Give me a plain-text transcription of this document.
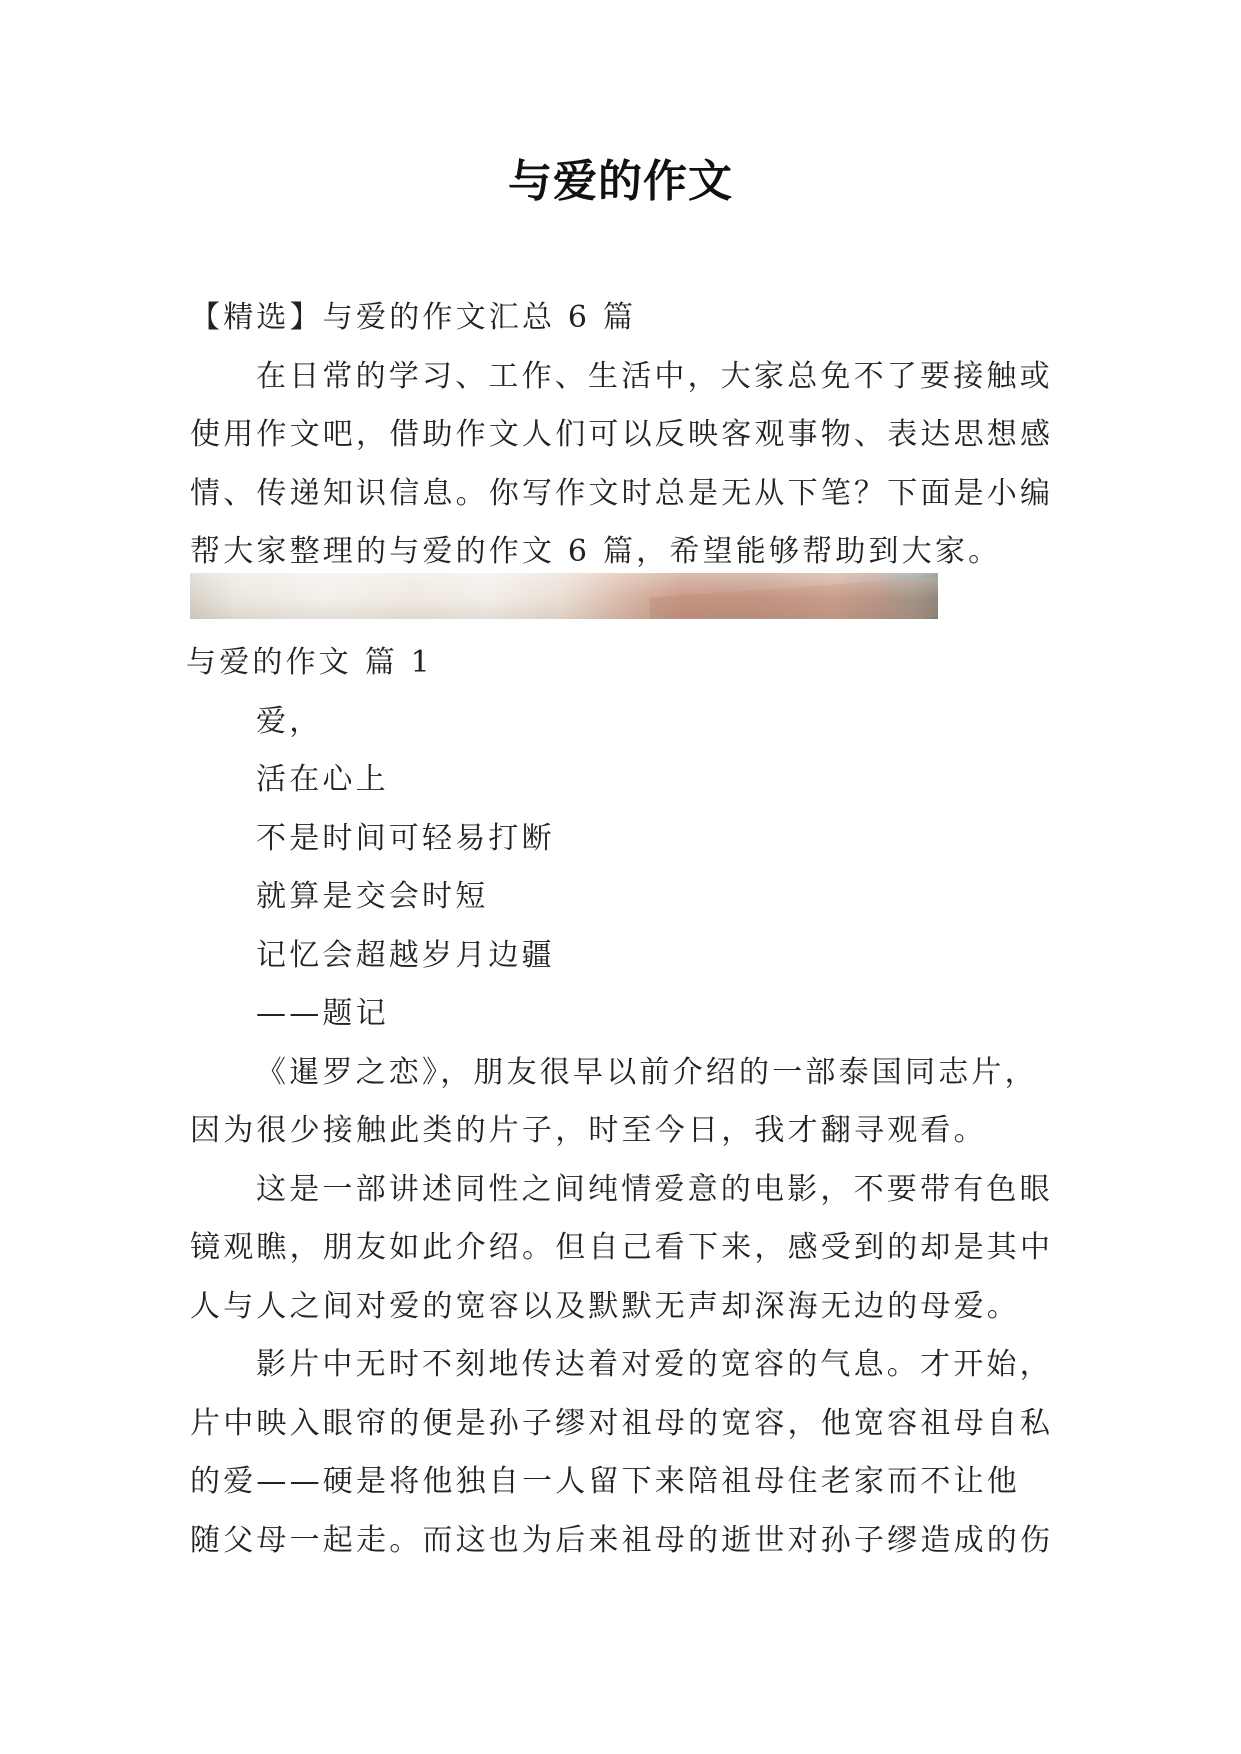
与爱的作文
【精选】与爱的作文汇总 6 篇
在日常的学习、工作、生活中，大家总免不了要接触或
使用作文吧，借助作文人们可以反映客观事物、表达思想感
情、传递知识信息。你写作文时总是无从下笔？下面是小编
帮大家整理的与爱的作文 6 篇，希望能够帮助到大家。
与爱的作文 篇 1
爱，
活在心上
不是时间可轻易打断
就算是交会时短
记忆会超越岁月边疆
——题记
《暹罗之恋》，朋友很早以前介绍的一部泰国同志片，
因为很少接触此类的片子，时至今日，我才翻寻观看。
这是一部讲述同性之间纯情爱意的电影，不要带有色眼
镜观瞧，朋友如此介绍。但自己看下来，感受到的却是其中
人与人之间对爱的宽容以及默默无声却深海无边的母爱。
影片中无时不刻地传达着对爱的宽容的气息。才开始，
片中映入眼帘的便是孙子缪对祖母的宽容，他宽容祖母自私
的爱——硬是将他独自一人留下来陪祖母住老家而不让他
随父母一起走。而这也为后来祖母的逝世对孙子缪造成的伤
